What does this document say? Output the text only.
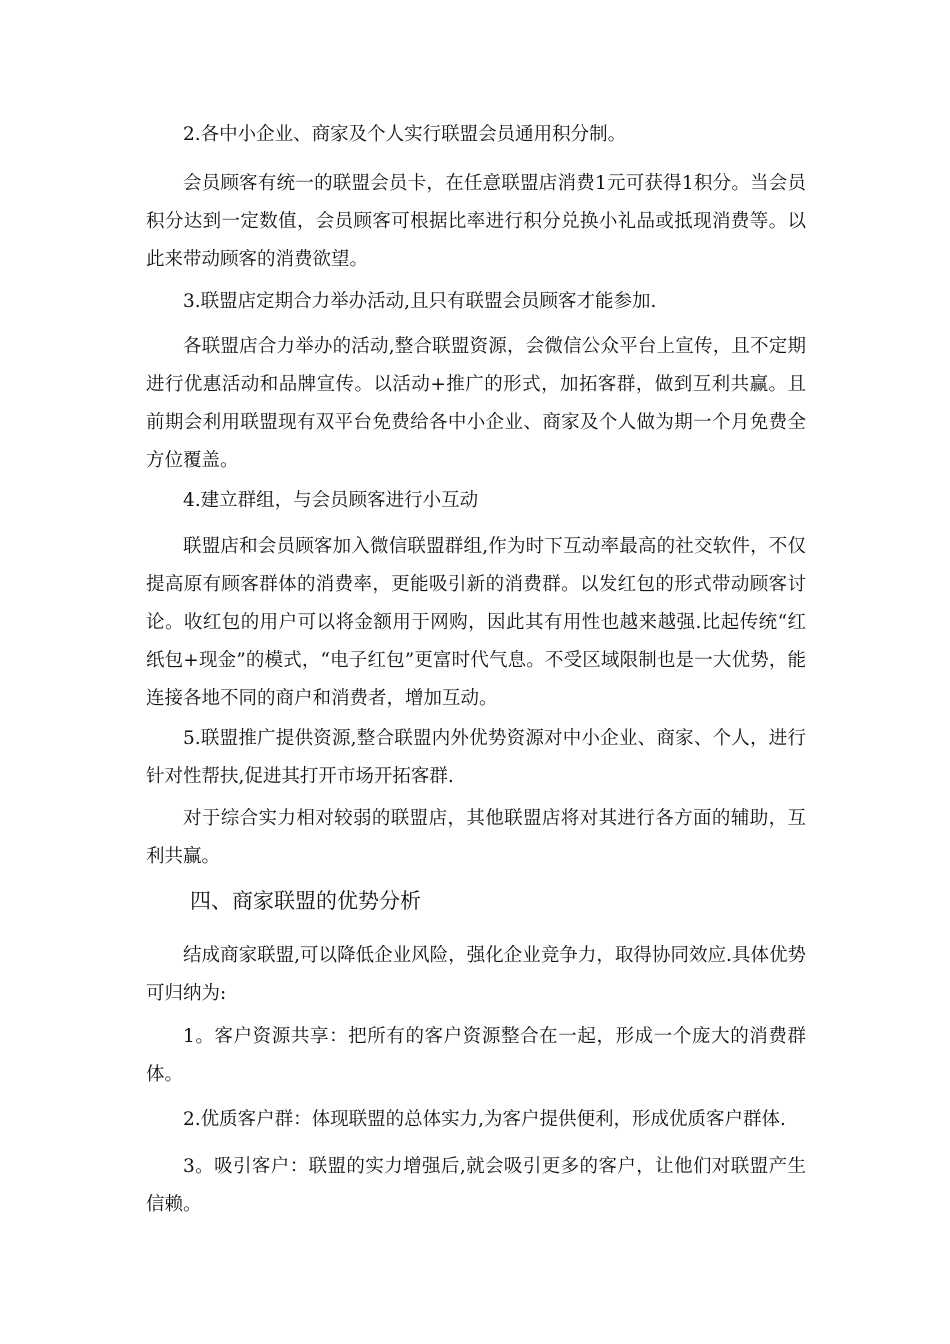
2.各中小企业、商家及个人实行联盟会员通用积分制。

会员顾客有统一的联盟会员卡，在任意联盟店消费1元可获得1积分。当会员积分达到一定数值，会员顾客可根据比率进行积分兑换小礼品或抵现消费等。以此来带动顾客的消费欲望。

3.联盟店定期合力举办活动,且只有联盟会员顾客才能参加.

各联盟店合力举办的活动,整合联盟资源，会微信公众平台上宣传，且不定期进行优惠活动和品牌宣传。以活动+推广的形式，加拓客群，做到互利共赢。且前期会利用联盟现有双平台免费给各中小企业、商家及个人做为期一个月免费全方位覆盖。

4.建立群组，与会员顾客进行小互动

联盟店和会员顾客加入微信联盟群组,作为时下互动率最高的社交软件，不仅提高原有顾客群体的消费率，更能吸引新的消费群。以发红包的形式带动顾客讨论。收红包的用户可以将金额用于网购，因此其有用性也越来越强.比起传统“红纸包+现金”的模式，“电子红包”更富时代气息。不受区域限制也是一大优势，能连接各地不同的商户和消费者，增加互动。

5.联盟推广提供资源,整合联盟内外优势资源对中小企业、商家、个人，进行针对性帮扶,促进其打开市场开拓客群.

对于综合实力相对较弱的联盟店，其他联盟店将对其进行各方面的辅助，互利共赢。

四、商家联盟的优势分析

结成商家联盟,可以降低企业风险，强化企业竞争力，取得协同效应.具体优势可归纳为:

1。客户资源共享：把所有的客户资源整合在一起，形成一个庞大的消费群体。

2.优质客户群：体现联盟的总体实力,为客户提供便利，形成优质客户群体.

3。吸引客户：联盟的实力增强后,就会吸引更多的客户，让他们对联盟产生信赖。
